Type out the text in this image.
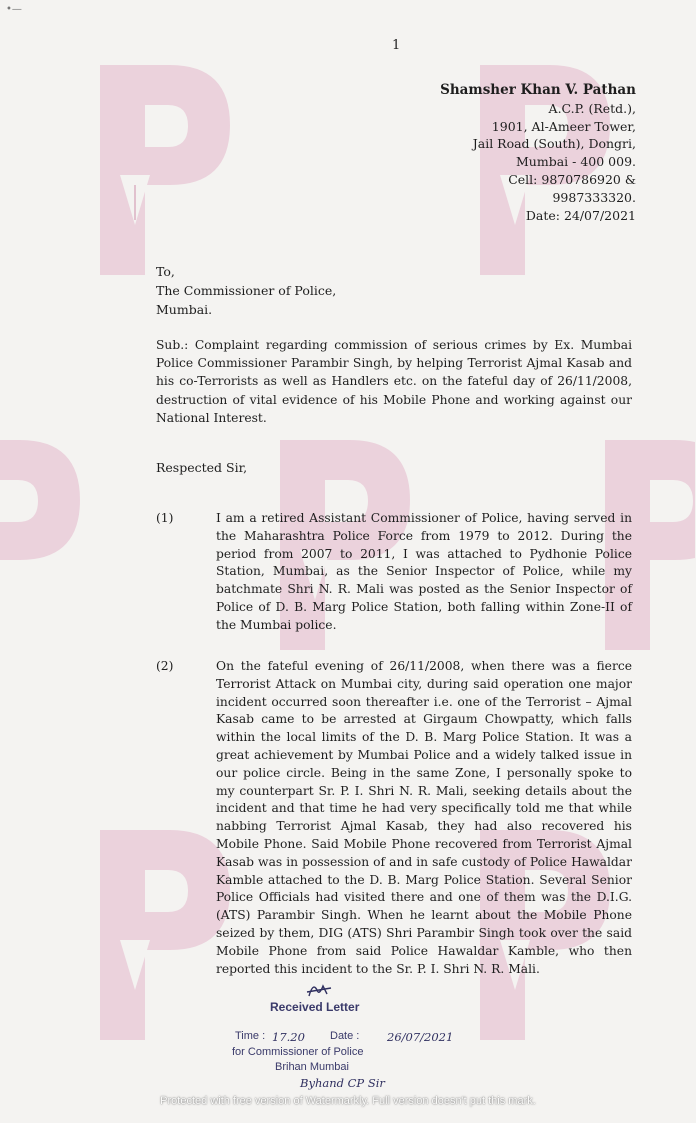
•—
1
Shamsher Khan V. Pathan
A.C.P. (Retd.),
1901, Al-Ameer Tower,
Jail Road (South), Dongri,
Mumbai - 400 009.
Cell: 9870786920 &
9987333320.
Date: 24/07/2021
To,
The Commissioner of Police,
Mumbai.
Sub.: Complaint regarding commission of serious crimes by Ex. Mumbai Police Commissioner Parambir Singh, by helping Terrorist Ajmal Kasab and his co-Terrorists as well as Handlers etc. on the fateful day of 26/11/2008, destruction of vital evidence of his Mobile Phone and working against our National Interest.
Respected Sir,
(1)	I am a retired Assistant Commissioner of Police, having served in the Maharashtra Police Force from 1979 to 2012. During the period from 2007 to 2011, I was attached to Pydhonie Police Station, Mumbai, as the Senior Inspector of Police, while my batchmate Shri N. R. Mali was posted as the Senior Inspector of Police of D. B. Marg Police Station, both falling within Zone-II of the Mumbai police.
(2)	On the fateful evening of 26/11/2008, when there was a fierce Terrorist Attack on Mumbai city, during said operation one major incident occurred soon thereafter i.e. one of the Terrorist – Ajmal Kasab came to be arrested at Girgaum Chowpatty, which falls within the local limits of the D. B. Marg Police Station. It was a great achievement by Mumbai Police and a widely talked issue in our police circle. Being in the same Zone, I personally spoke to my counterpart Sr. P. I. Shri N. R. Mali, seeking details about the incident and that time he had very specifically told me that while nabbing Terrorist Ajmal Kasab, they had also recovered his Mobile Phone. Said Mobile Phone recovered from Terrorist Ajmal Kasab was in possession of and in safe custody of Police Hawaldar Kamble attached to the D. B. Marg Police Station. Several Senior Police Officials had visited there and one of them was the D.I.G. (ATS) Parambir Singh. When he learnt about the Mobile Phone seized by them, DIG (ATS) Shri Parambir Singh took over the said Mobile Phone from said Police Hawaldar Kamble, who then reported this incident to the Sr. P. I. Shri N. R. Mali.
Received Letter
Time :	Date :
for Commissioner of Police
Brihan Mumbai
17.20	26/07/2021
Byhand CP Sir
Protected with free version of Watermarkly. Full version doesn't put this mark.
